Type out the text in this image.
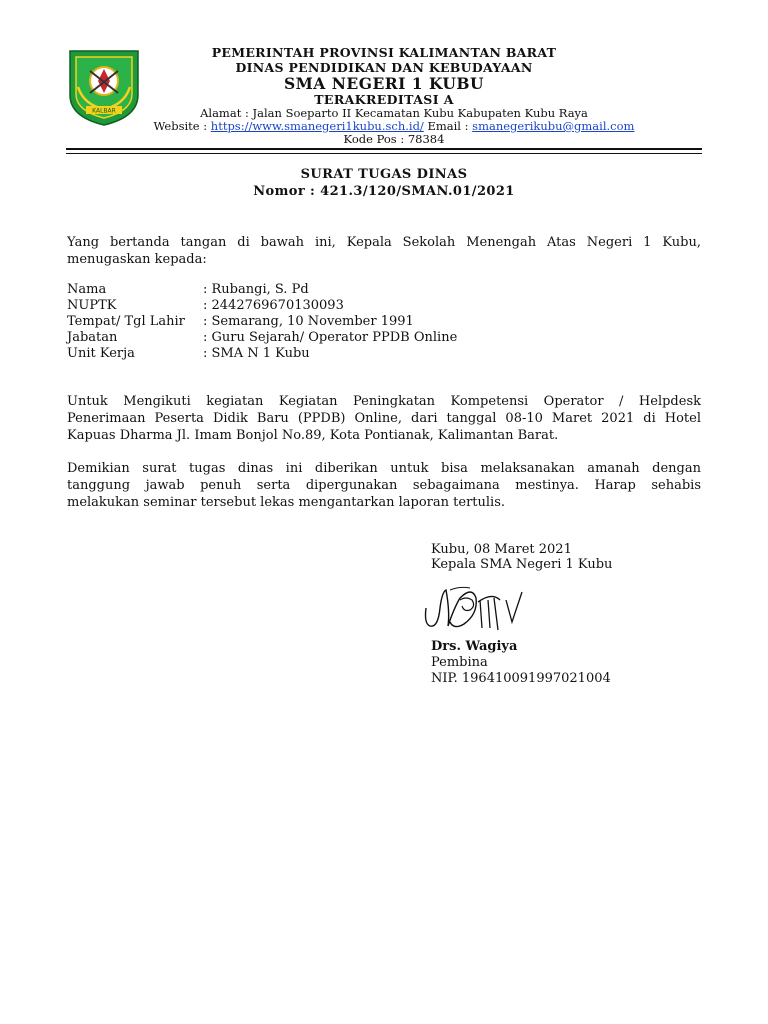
KALBAR
PEMERINTAH PROVINSI KALIMANTAN BARAT
DINAS PENDIDIKAN DAN KEBUDAYAAN
SMA NEGERI 1 KUBU
TERAKREDITASI A
Alamat : Jalan Soeparto II Kecamatan Kubu Kabupaten Kubu Raya
Website : https://www.smanegeri1kubu.sch.id/ Email : smanegerikubu@gmail.com
Kode Pos : 78384
SURAT TUGAS DINAS
Nomor : 421.3/120/SMAN.01/2021
Yang bertanda tangan di bawah ini, Kepala Sekolah Menengah Atas Negeri 1 Kubu,
menugaskan kepada:
Nama	: Rubangi, S. Pd
NUPTK	: 2442769670130093
Tempat/ Tgl Lahir	: Semarang, 10 November 1991
Jabatan	: Guru Sejarah/ Operator PPDB Online
Unit Kerja	: SMA N 1 Kubu
Untuk Mengikuti kegiatan Kegiatan Peningkatan Kompetensi Operator / Helpdesk
Penerimaan Peserta Didik Baru (PPDB) Online, dari tanggal 08-10 Maret 2021 di Hotel
Kapuas Dharma Jl. Imam Bonjol No.89, Kota Pontianak, Kalimantan Barat.
Demikian surat tugas dinas ini diberikan untuk bisa melaksanakan amanah dengan
tanggung jawab penuh serta dipergunakan sebagaimana mestinya. Harap sehabis
melakukan seminar tersebut lekas mengantarkan laporan tertulis.
Kubu, 08 Maret 2021
Kepala SMA Negeri 1 Kubu
Drs. Wagiya
Pembina
NIP. 196410091997021004
